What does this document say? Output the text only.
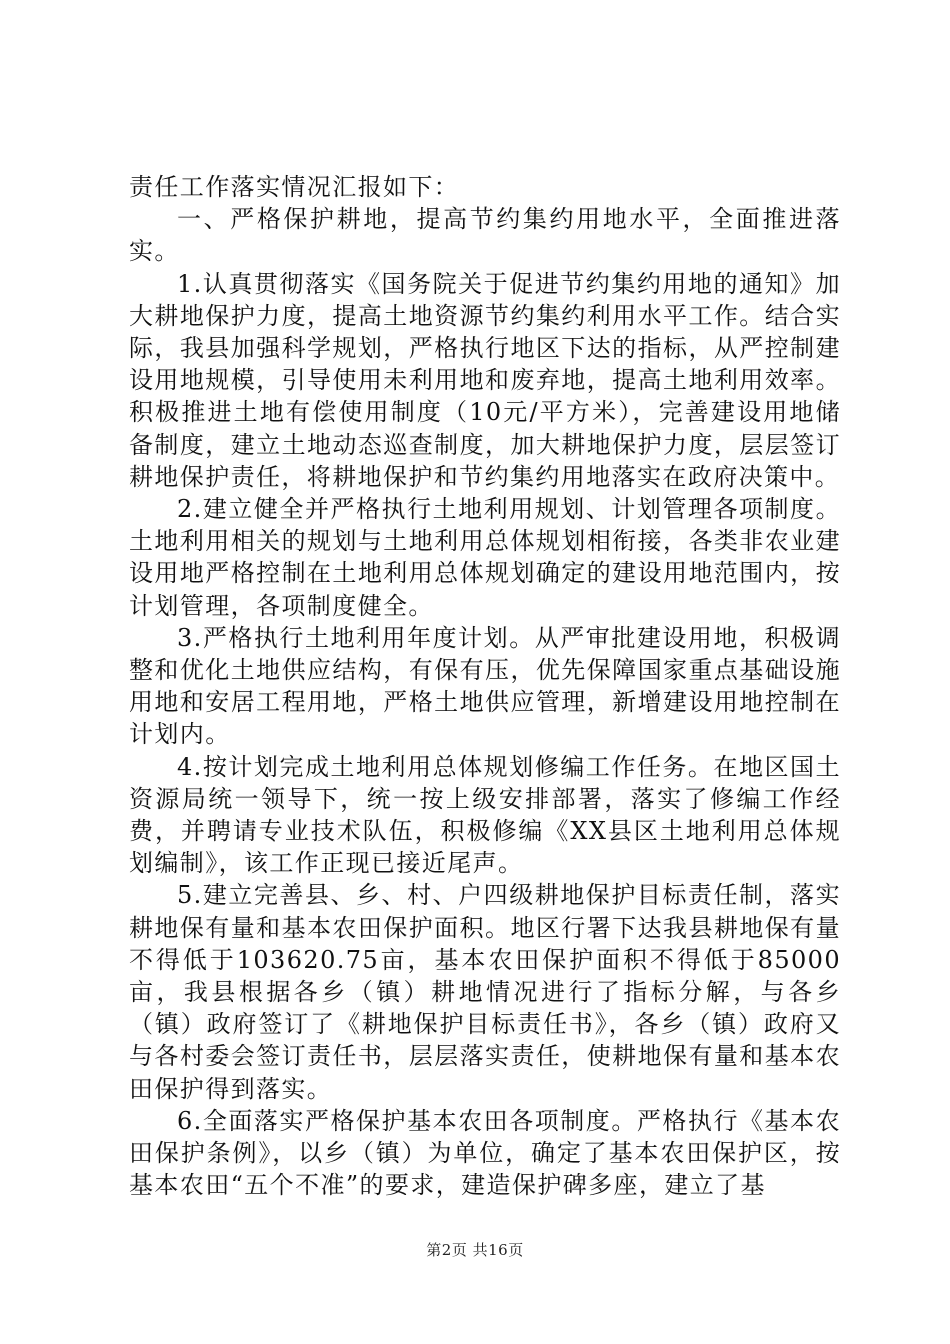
责任工作落实情况汇报如下：

一、严格保护耕地，提高节约集约用地水平，全面推进落实。

1.认真贯彻落实《国务院关于促进节约集约用地的通知》加大耕地保护力度，提高土地资源节约集约利用水平工作。结合实际，我县加强科学规划，严格执行地区下达的指标，从严控制建设用地规模，引导使用未利用地和废弃地，提高土地利用效率。积极推进土地有偿使用制度（10元/平方米），完善建设用地储备制度，建立土地动态巡查制度，加大耕地保护力度，层层签订耕地保护责任，将耕地保护和节约集约用地落实在政府决策中。

2.建立健全并严格执行土地利用规划、计划管理各项制度。土地利用相关的规划与土地利用总体规划相衔接，各类非农业建设用地严格控制在土地利用总体规划确定的建设用地范围内，按计划管理，各项制度健全。

3.严格执行土地利用年度计划。从严审批建设用地，积极调整和优化土地供应结构，有保有压，优先保障国家重点基础设施用地和安居工程用地，严格土地供应管理，新增建设用地控制在计划内。

4.按计划完成土地利用总体规划修编工作任务。在地区国土资源局统一领导下，统一按上级安排部署，落实了修编工作经费，并聘请专业技术队伍，积极修编《XX县区土地利用总体规划编制》，该工作正现已接近尾声。

5.建立完善县、乡、村、户四级耕地保护目标责任制，落实耕地保有量和基本农田保护面积。地区行署下达我县耕地保有量不得低于103620.75亩，基本农田保护面积不得低于85000亩，我县根据各乡（镇）耕地情况进行了指标分解，与各乡（镇）政府签订了《耕地保护目标责任书》，各乡（镇）政府又与各村委会签订责任书，层层落实责任，使耕地保有量和基本农田保护得到落实。

6.全面落实严格保护基本农田各项制度。严格执行《基本农田保护条例》，以乡（镇）为单位，确定了基本农田保护区，按基本农田“五个不准”的要求，建造保护碑多座，建立了基

第2页 共16页
